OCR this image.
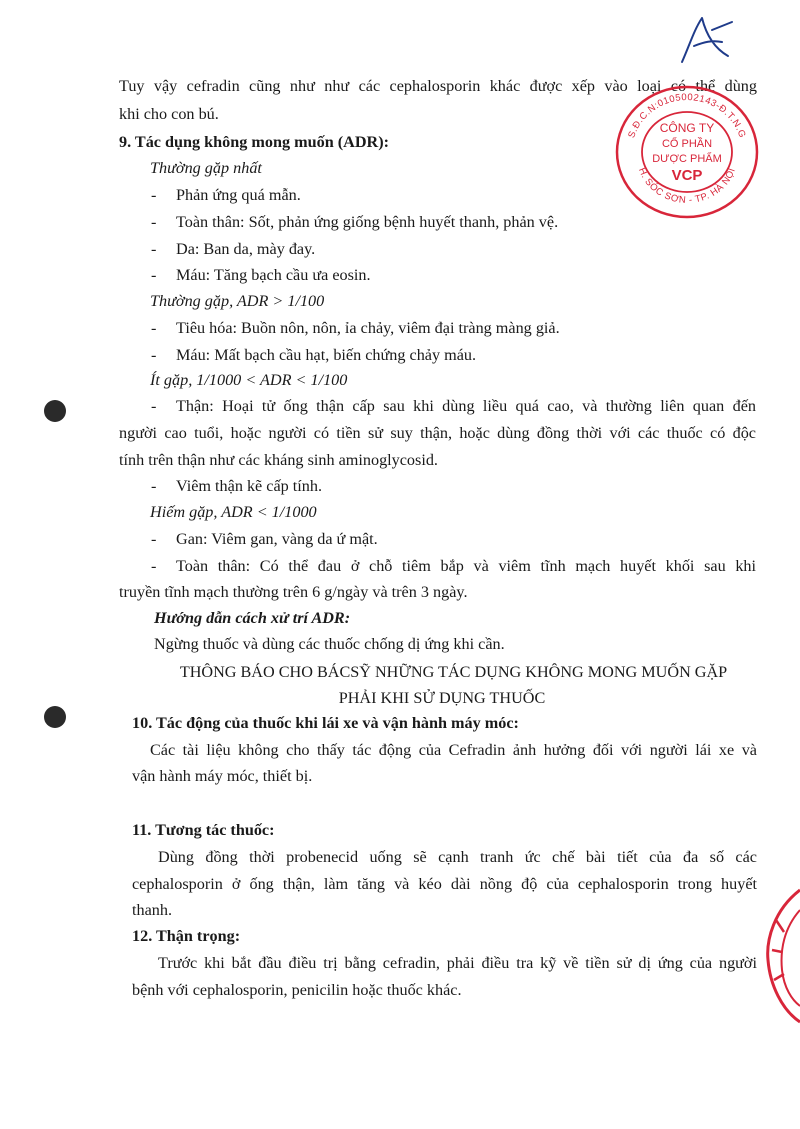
Tuy vậy cefradin cũng như như các cephalosporin khác được xếp vào loại có thể dùng
khi cho con bú.
S.Đ.C.N:0105002143-Đ.T.N.G
H. SÓC SƠN - TP. HÀ NỘI
CÔNG TY
CỔ PHẦN
DƯỢC PHẨM
VCP
9. Tác dụng không mong muốn (ADR):
Thường gặp nhất
- Phản ứng quá mẫn.
- Toàn thân: Sốt, phản ứng giống bệnh huyết thanh, phản vệ.
- Da: Ban da, mày đay.
- Máu: Tăng bạch cầu ưa eosin.
Thường gặp, ADR > 1/100
- Tiêu hóa: Buồn nôn, nôn, ỉa chảy, viêm đại tràng màng giả.
- Máu: Mất bạch cầu hạt, biến chứng chảy máu.
Ít gặp, 1/1000 < ADR < 1/100
- Thận: Hoại tử ống thận cấp sau khi dùng liều quá cao, và thường liên quan đến
người cao tuổi, hoặc người có tiền sử suy thận, hoặc dùng đồng thời với các thuốc có độc
tính trên thận như các kháng sinh aminoglycosid.
- Viêm thận kẽ cấp tính.
Hiếm gặp, ADR < 1/1000
- Gan: Viêm gan, vàng da ứ mật.
- Toàn thân: Có thể đau ở chỗ tiêm bắp và viêm tĩnh mạch huyết khối sau khi
truyền tĩnh mạch thường trên 6 g/ngày và trên 3 ngày.
Hướng dẫn cách xử trí ADR:
Ngừng thuốc và dùng các thuốc chống dị ứng khi cần.
THÔNG BÁO CHO BÁCSỸ NHỮNG TÁC DỤNG KHÔNG MONG MUỐN GẶP
PHẢI KHI SỬ DỤNG THUỐC
10. Tác động của thuốc khi lái xe và vận hành máy móc:
Các tài liệu không cho thấy tác động của Cefradin ảnh hưởng đối với người lái xe và
vận hành máy móc, thiết bị.
11. Tương tác thuốc:
Dùng đồng thời probenecid uống sẽ cạnh tranh ức chế bài tiết của đa số các
cephalosporin ở ống thận, làm tăng và kéo dài nồng độ của cephalosporin trong huyết
thanh.
12. Thận trọng:
Trước khi bắt đầu điều trị bằng cefradin, phải điều tra kỹ về tiền sử dị ứng của người
bệnh với cephalosporin, penicilin hoặc thuốc khác.
